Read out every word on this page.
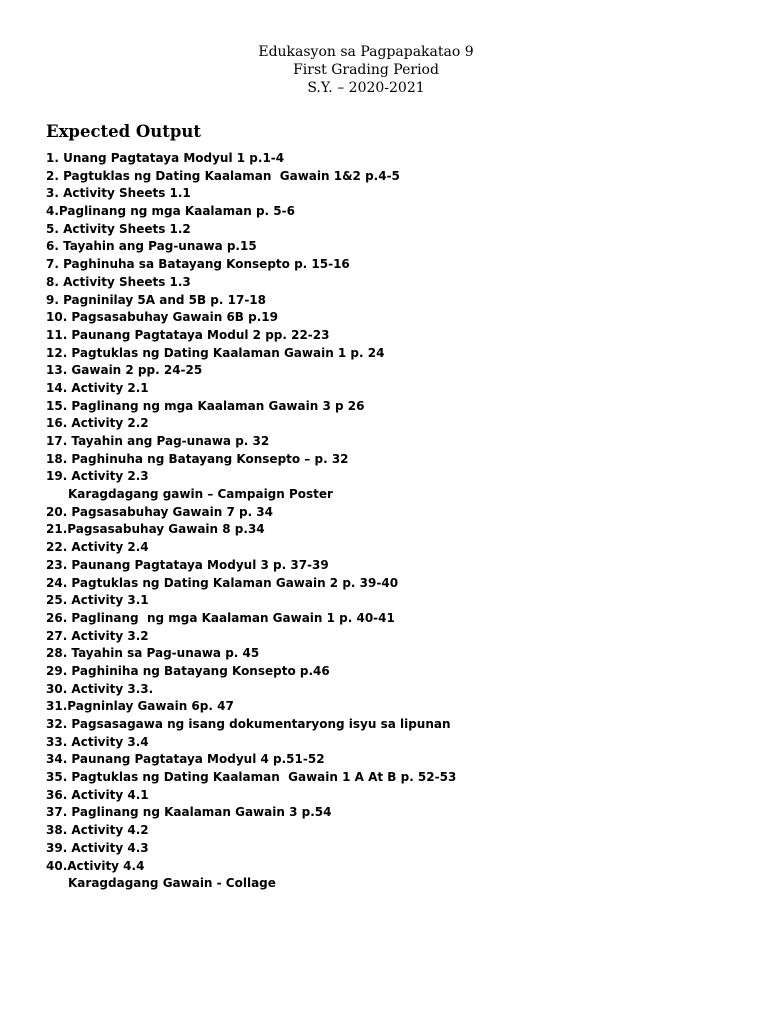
Edukasyon sa Pagpapakatao 9
First Grading Period
S.Y. – 2020-2021
Expected Output
1. Unang Pagtataya Modyul 1 p.1-4
2. Pagtuklas ng Dating Kaalaman  Gawain 1&2 p.4-5
3. Activity Sheets 1.1
4.Paglinang ng mga Kaalaman p. 5-6
5. Activity Sheets 1.2
6. Tayahin ang Pag-unawa p.15
7. Paghinuha sa Batayang Konsepto p. 15-16
8. Activity Sheets 1.3
9. Pagninilay 5A and 5B p. 17-18
10. Pagsasabuhay Gawain 6B p.19
11. Paunang Pagtataya Modul 2 pp. 22-23
12. Pagtuklas ng Dating Kaalaman Gawain 1 p. 24
13. Gawain 2 pp. 24-25
14. Activity 2.1
15. Paglinang ng mga Kaalaman Gawain 3 p 26
16. Activity 2.2
17. Tayahin ang Pag-unawa p. 32
18. Paghinuha ng Batayang Konsepto – p. 32
19. Activity 2.3
Karagdagang gawin – Campaign Poster
20. Pagsasabuhay Gawain 7 p. 34
21.Pagsasabuhay Gawain 8 p.34
22. Activity 2.4
23. Paunang Pagtataya Modyul 3 p. 37-39
24. Pagtuklas ng Dating Kalaman Gawain 2 p. 39-40
25. Activity 3.1
26. Paglinang  ng mga Kaalaman Gawain 1 p. 40-41
27. Activity 3.2
28. Tayahin sa Pag-unawa p. 45
29. Paghiniha ng Batayang Konsepto p.46
30. Activity 3.3.
31.Pagninlay Gawain 6p. 47
32. Pagsasagawa ng isang dokumentaryong isyu sa lipunan
33. Activity 3.4
34. Paunang Pagtataya Modyul 4 p.51-52
35. Pagtuklas ng Dating Kaalaman  Gawain 1 A At B p. 52-53
36. Activity 4.1
37. Paglinang ng Kaalaman Gawain 3 p.54
38. Activity 4.2
39. Activity 4.3
40.Activity 4.4
Karagdagang Gawain - Collage
